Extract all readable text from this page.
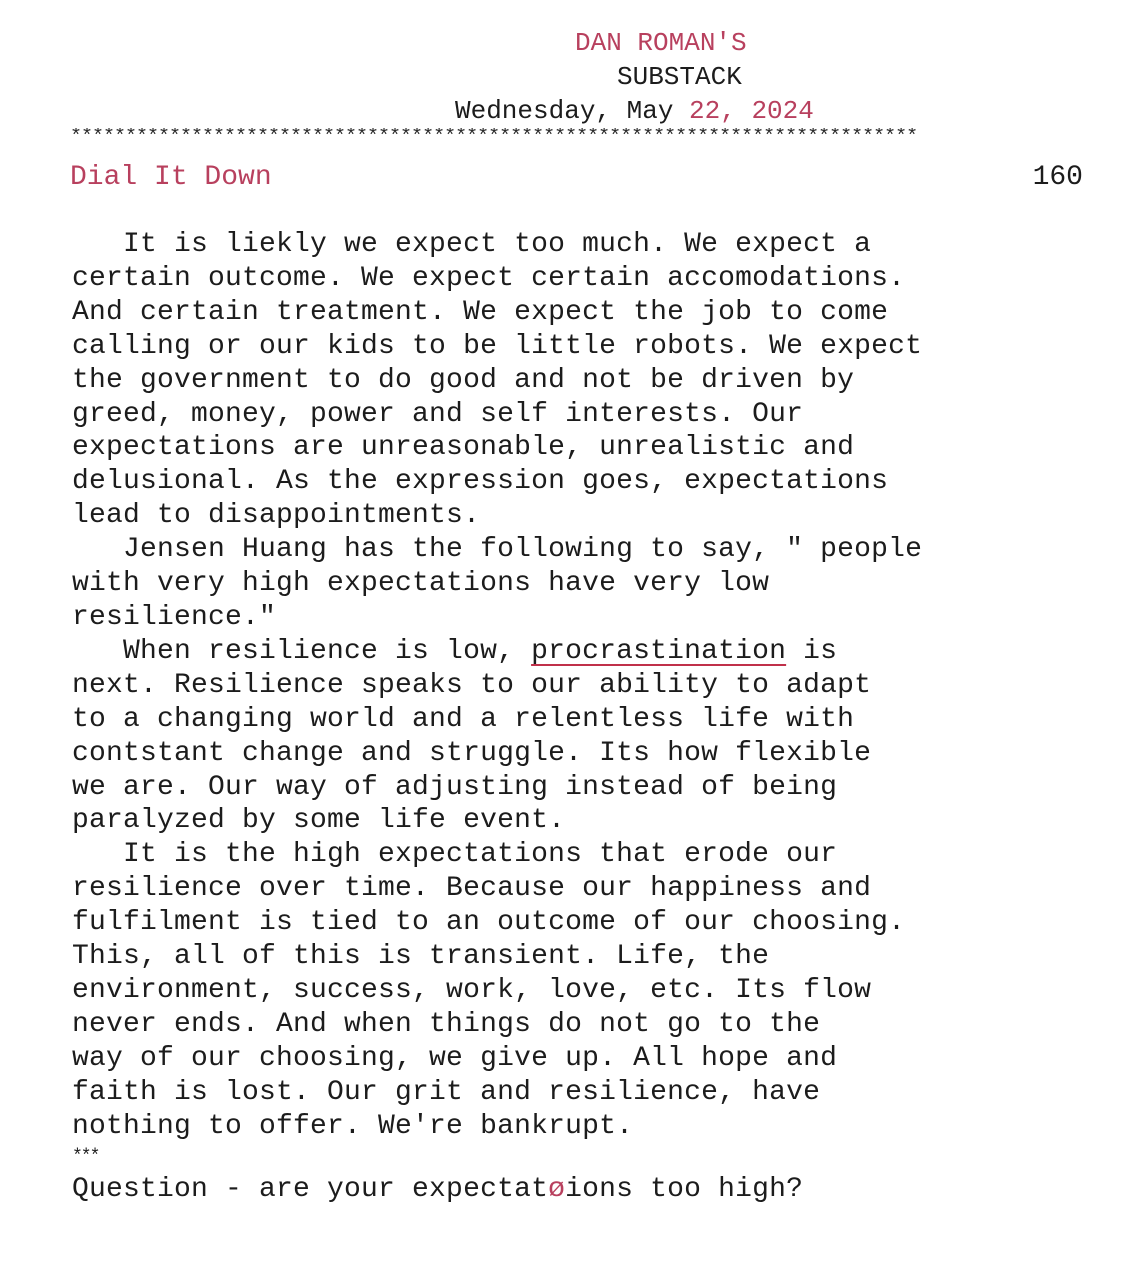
DAN ROMAN'S
SUBSTACK
Wednesday, May 22, 2024
*****************************************************************************
Dial It Down	160
It is liekly we expect too much. We expect a
certain outcome. We expect certain accomodations.
And certain treatment. We expect the job to come
calling or our kids to be little robots. We expect
the government to do good and not be driven by
greed, money, power and self interests. Our
expectations are unreasonable, unrealistic and
delusional. As the expression goes, expectations
lead to disappointments.
Jensen Huang has the following to say, " people
with very high expectations have very low
resilience."
When resilience is low, procrastination is
next. Resilience speaks to our ability to adapt
to a changing world and a relentless life with
contstant change and struggle. Its how flexible
we are. Our way of adjusting instead of being
paralyzed by some life event.
It is the high expectations that erode our
resilience over time. Because our happiness and
fulfilment is tied to an outcome of our choosing.
This, all of this is transient. Life, the
environment, success, work, love, etc. Its flow
never ends. And when things do not go to the
way of our choosing, we give up. All hope and
faith is lost. Our grit and resilience, have
nothing to offer. We're bankrupt.
***
Question - are your expectatøions too high?
